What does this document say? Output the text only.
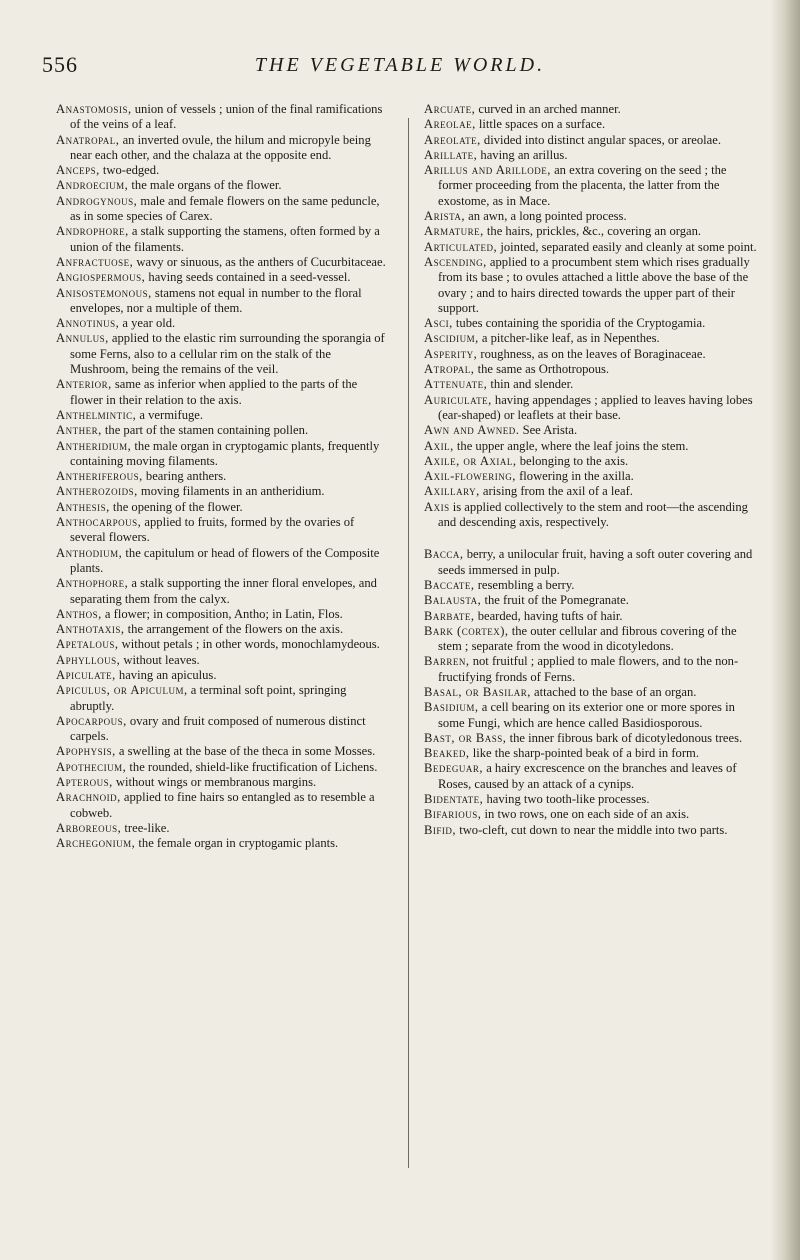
556	THE VEGETABLE WORLD.

Anastomosis, union of vessels ; union of the final ramifications of the veins of a leaf.

Anatropal, an inverted ovule, the hilum and micropyle being near each other, and the chalaza at the opposite end.

Anceps, two-edged.

Androecium, the male organs of the flower.

Androgynous, male and female flowers on the same peduncle, as in some species of Carex.

Androphore, a stalk supporting the stamens, often formed by a union of the filaments.

Anfractuose, wavy or sinuous, as the anthers of Cucurbitaceae.

Angiospermous, having seeds contained in a seed-vessel.

Anisostemonous, stamens not equal in number to the floral envelopes, nor a multiple of them.

Annotinus, a year old.

Annulus, applied to the elastic rim surrounding the sporangia of some Ferns, also to a cellular rim on the stalk of the Mushroom, being the remains of the veil.

Anterior, same as inferior when applied to the parts of the flower in their relation to the axis.

Anthelmintic, a vermifuge.

Anther, the part of the stamen containing pollen.

Antheridium, the male organ in cryptogamic plants, frequently containing moving filaments.

Antheriferous, bearing anthers.

Antherozoids, moving filaments in an antheridium.

Anthesis, the opening of the flower.

Anthocarpous, applied to fruits, formed by the ovaries of several flowers.

Anthodium, the capitulum or head of flowers of the Composite plants.

Anthophore, a stalk supporting the inner floral envelopes, and separating them from the calyx.

Anthos, a flower; in composition, Antho; in Latin, Flos.

Anthotaxis, the arrangement of the flowers on the axis.

Apetalous, without petals ; in other words, monochlamydeous.

Aphyllous, without leaves.

Apiculate, having an apiculus.

Apiculus, or Apiculum, a terminal soft point, springing abruptly.

Apocarpous, ovary and fruit composed of numerous distinct carpels.

Apophysis, a swelling at the base of the theca in some Mosses.

Apothecium, the rounded, shield-like fructification of Lichens.

Apterous, without wings or membranous margins.

Arachnoid, applied to fine hairs so entangled as to resemble a cobweb.

Arboreous, tree-like.

Archegonium, the female organ in cryptogamic plants.

Arcuate, curved in an arched manner.

Areolae, little spaces on a surface.

Areolate, divided into distinct angular spaces, or areolae.

Arillate, having an arillus.

Arillus and Arillode, an extra covering on the seed ; the former proceeding from the placenta, the latter from the exostome, as in Mace.

Arista, an awn, a long pointed process.

Armature, the hairs, prickles, &c., covering an organ.

Articulated, jointed, separated easily and cleanly at some point.

Ascending, applied to a procumbent stem which rises gradually from its base ; to ovules attached a little above the base of the ovary ; and to hairs directed towards the upper part of their support.

Asci, tubes containing the sporidia of the Cryptogamia.

Ascidium, a pitcher-like leaf, as in Nepenthes.

Asperity, roughness, as on the leaves of Boraginaceae.

Atropal, the same as Orthotropous.

Attenuate, thin and slender.

Auriculate, having appendages ; applied to leaves having lobes (ear-shaped) or leaflets at their base.

Awn and Awned. See Arista.

Axil, the upper angle, where the leaf joins the stem.

Axile, or Axial, belonging to the axis.

Axil-flowering, flowering in the axilla.

Axillary, arising from the axil of a leaf.

Axis is applied collectively to the stem and root—the ascending and descending axis, respectively.

Bacca, berry, a unilocular fruit, having a soft outer covering and seeds immersed in pulp.

Baccate, resembling a berry.

Balausta, the fruit of the Pomegranate.

Barbate, bearded, having tufts of hair.

Bark (cortex), the outer cellular and fibrous covering of the stem ; separate from the wood in dicotyledons.

Barren, not fruitful ; applied to male flowers, and to the non-fructifying fronds of Ferns.

Basal, or Basilar, attached to the base of an organ.

Basidium, a cell bearing on its exterior one or more spores in some Fungi, which are hence called Basidiosporous.

Bast, or Bass, the inner fibrous bark of dicotyledonous trees.

Beaked, like the sharp-pointed beak of a bird in form.

Bedeguar, a hairy excrescence on the branches and leaves of Roses, caused by an attack of a cynips.

Bidentate, having two tooth-like processes.

Bifarious, in two rows, one on each side of an axis.

Bifid, two-cleft, cut down to near the middle into two parts.
